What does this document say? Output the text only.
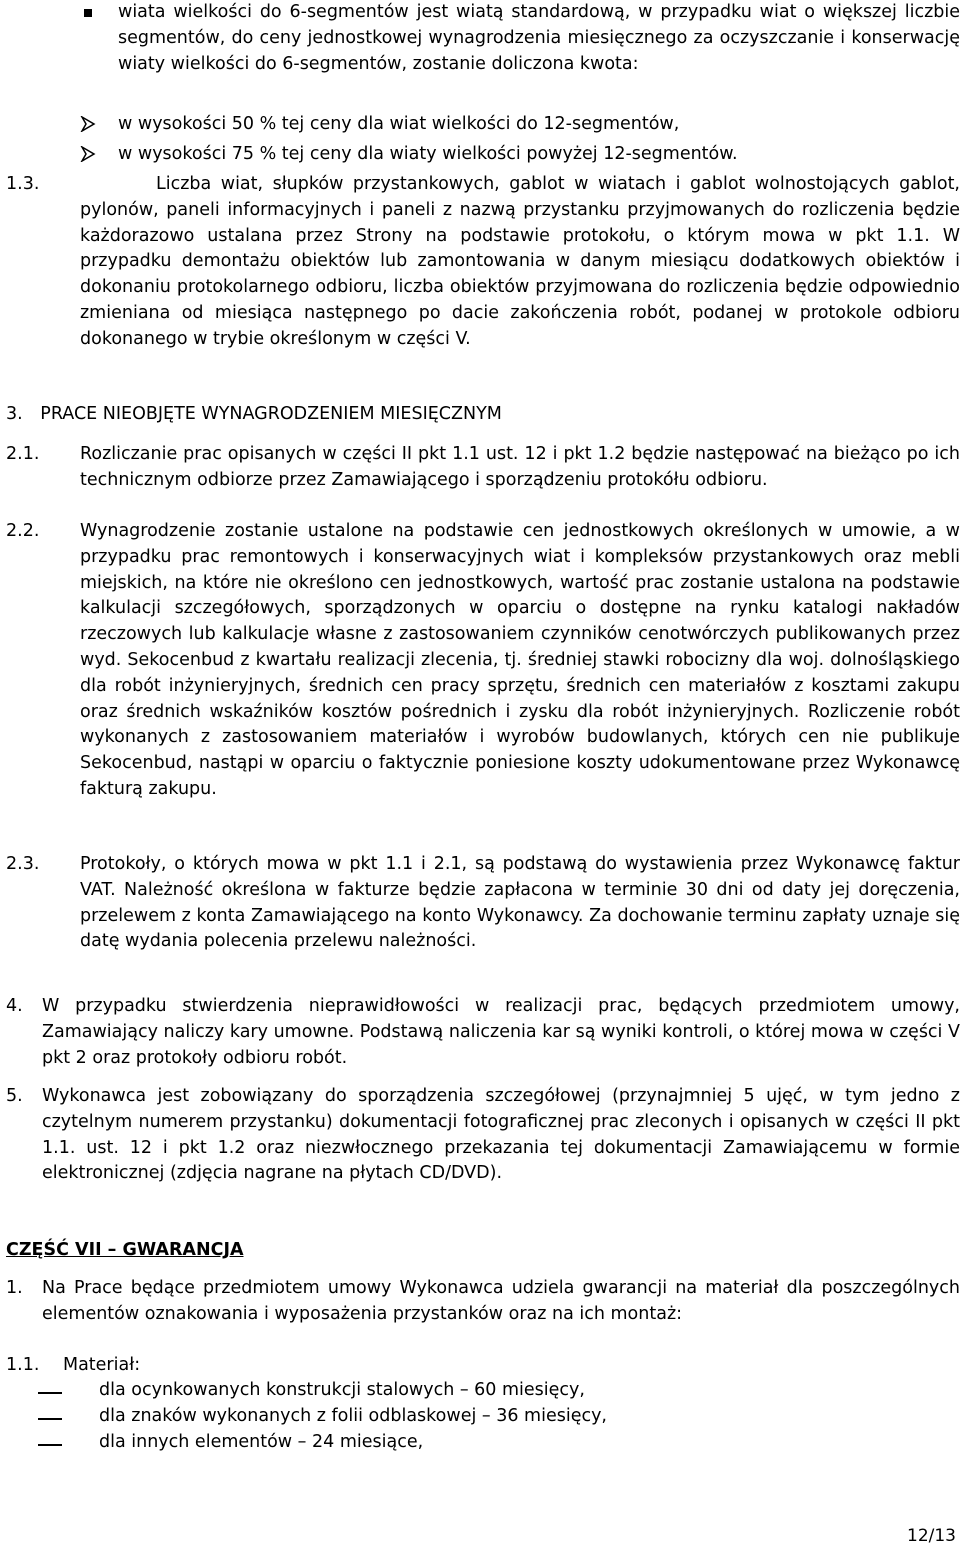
wiata wielkości do 6-segmentów jest wiatą standardową, w przypadku wiat o większej liczbie segmentów, do ceny jednostkowej wynagrodzenia miesięcznego za oczyszczanie i konserwację wiaty wielkości do 6-segmentów, zostanie doliczona kwota:
w wysokości 50 % tej ceny dla wiat wielkości do 12-segmentów,
w wysokości 75 % tej ceny dla wiaty wielkości powyżej 12-segmentów.
1.3.	Liczba wiat, słupków przystankowych, gablot w wiatach i gablot wolnostojących gablot, pylonów, paneli informacyjnych i paneli z nazwą przystanku przyjmowanych do rozliczenia będzie każdorazowo ustalana przez Strony na podstawie protokołu, o którym mowa w pkt 1.1. W przypadku demontażu obiektów lub zamontowania w danym miesiącu dodatkowych obiektów i dokonaniu protokolarnego odbioru, liczba obiektów przyjmowana do rozliczenia będzie odpowiednio zmieniana od miesiąca następnego po dacie zakończenia robót, podanej w protokole odbioru dokonanego w trybie określonym w części V.
3. PRACE NIEOBJĘTE WYNAGRODZENIEM MIESIĘCZNYM
2.1. Rozliczanie prac opisanych w części II pkt 1.1 ust. 12 i pkt 1.2 będzie następować na bieżąco po ich technicznym odbiorze przez Zamawiającego i sporządzeniu protokółu odbioru.
2.2. Wynagrodzenie zostanie ustalone na podstawie cen jednostkowych określonych w umowie, a w przypadku prac remontowych i konserwacyjnych wiat i kompleksów przystankowych oraz mebli miejskich, na które nie określono cen jednostkowych, wartość prac zostanie ustalona na podstawie kalkulacji szczegółowych, sporządzonych w oparciu o dostępne na rynku katalogi nakładów rzeczowych lub kalkulacje własne z zastosowaniem czynników cenotwórczych publikowanych przez wyd. Sekocenbud z kwartału realizacji zlecenia, tj. średniej stawki robocizny dla woj. dolnośląskiego dla robót inżynieryjnych, średnich cen pracy sprzętu, średnich cen materiałów z kosztami zakupu oraz średnich wskaźników kosztów pośrednich i zysku dla robót inżynieryjnych. Rozliczenie robót wykonanych z zastosowaniem materiałów i wyrobów budowlanych, których cen nie publikuje Sekocenbud, nastąpi w oparciu o faktycznie poniesione koszty udokumentowane przez Wykonawcę fakturą zakupu.
2.3. Protokoły, o których mowa w pkt 1.1 i 2.1, są podstawą do wystawienia przez Wykonawcę faktur VAT. Należność określona w fakturze będzie zapłacona w terminie 30 dni od daty jej doręczenia, przelewem z konta Zamawiającego na konto Wykonawcy. Za dochowanie terminu zapłaty uznaje się datę wydania polecenia przelewu należności.
4. W przypadku stwierdzenia nieprawidłowości w realizacji prac, będących przedmiotem umowy, Zamawiający naliczy kary umowne. Podstawą naliczenia kar są wyniki kontroli, o której mowa w części V pkt 2 oraz protokoły odbioru robót.
5. Wykonawca jest zobowiązany do sporządzenia szczegółowej (przynajmniej 5 ujęć, w tym jedno z czytelnym numerem przystanku) dokumentacji fotograficznej prac zleconych i opisanych w części II pkt 1.1. ust. 12 i pkt 1.2 oraz niezwłocznego przekazania tej dokumentacji Zamawiającemu w formie elektronicznej (zdjęcia nagrane na płytach CD/DVD).
CZĘŚĆ VII – GWARANCJA
1. Na Prace będące przedmiotem umowy Wykonawca udziela gwarancji na materiał dla poszczególnych elementów oznakowania i wyposażenia przystanków oraz na ich montaż:
1.1. Materiał:
dla ocynkowanych konstrukcji stalowych – 60 miesięcy,
dla znaków wykonanych z folii odblaskowej – 36 miesięcy,
dla innych elementów – 24 miesiące,
12/13
